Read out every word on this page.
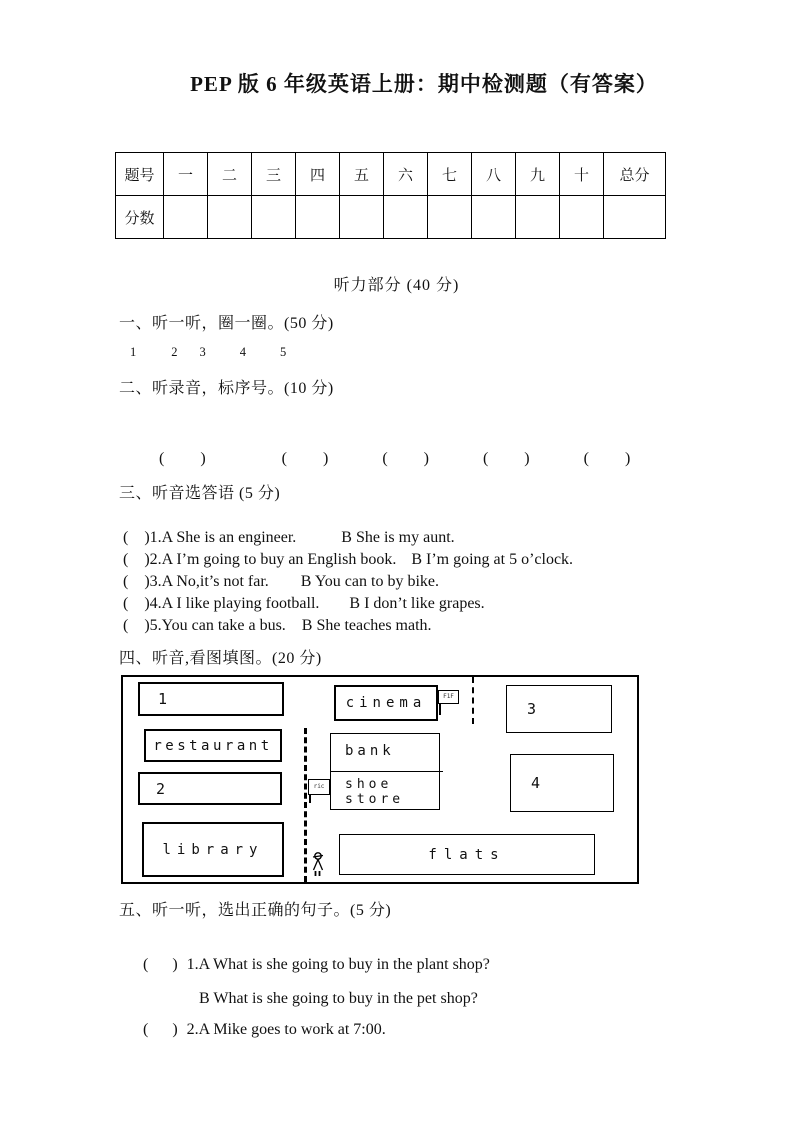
PEP 版 6 年级英语上册：期中检测题（有答案）
题号	一	二	三	四	五	六	七	八	九	十	总分
分数											
听力部分 (40 分)
一、听一听，圈一圈。(50 分)
1	2 3	4	5
二、听录音，标序号。(10 分)

(         )	(         )	(         )	(         )	(         )

三、听音选答语 (5 分)

(    )1.A She is an engineer.	B She is my aunt.

(    )2.A I’m going to buy an English book. B I’m going at 5 o’clock.

(    )3.A No,it’s not far. B You can to by bike.

(    )4.A I like playing football. B I don’t like grapes.

(    )5.You can take a bus. B She teaches math.

四、听音,看图填图。(20 分)
1
restaurant
2
library
cinema	F1F
bank
shoe
store
ric
flats
3
4
五、听一听，选出正确的句子。(5 分)

(      ) 1.A What is she going to buy in the plant shop?

B What is she going to buy in the pet shop?

(      ) 2.A Mike goes to work at 7:00.
